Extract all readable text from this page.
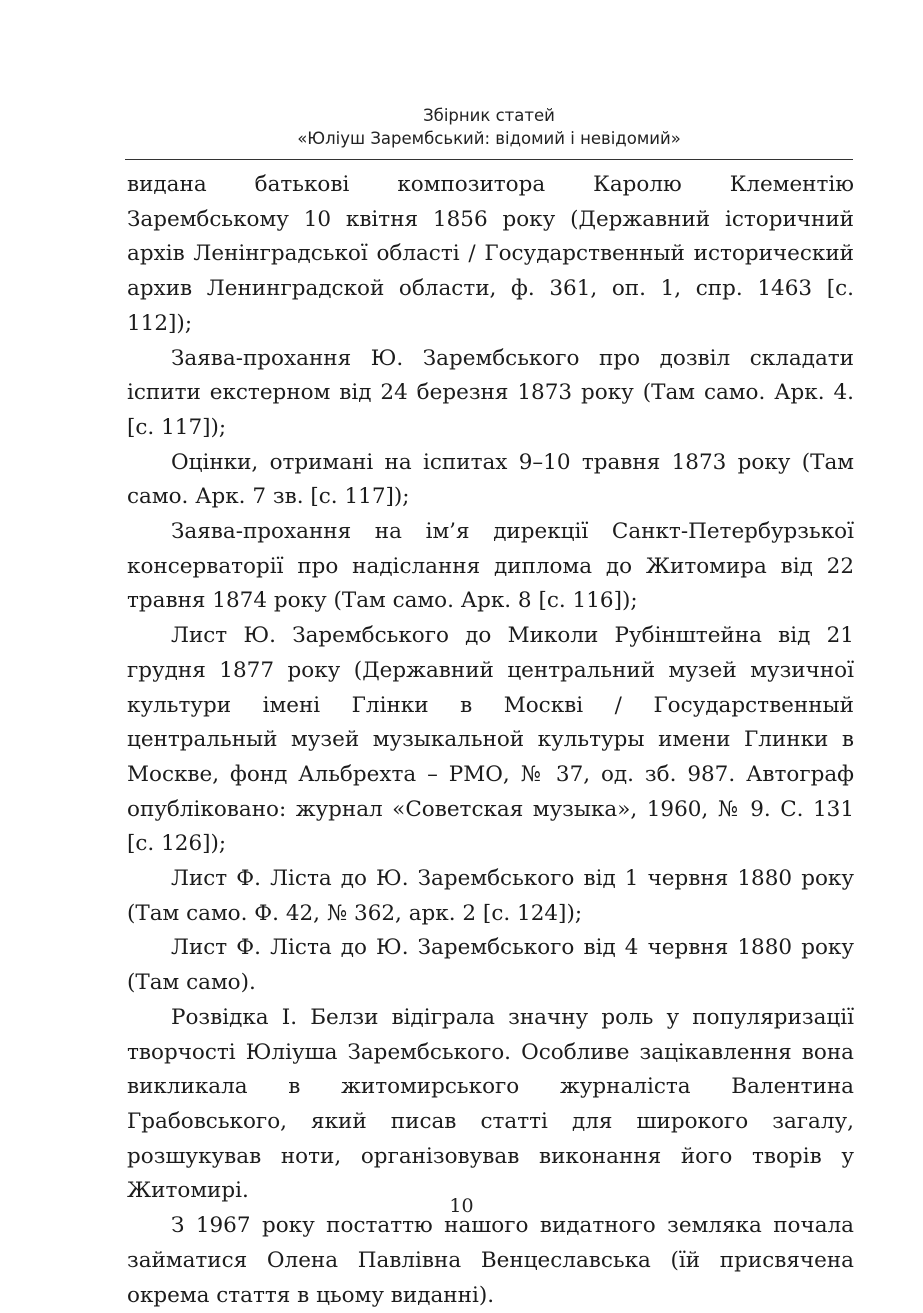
Збірник статей
«Юліуш Зарембський: відомий і невідомий»

видана батькові композитора Каролю Клементію Зарембському 10 квітня 1856 року (Державний історичний архів Ленінградської області / Государственный исторический архив Ленинградской области, ф. 361, оп. 1, спр. 1463 [с. 112]);

Заява-прохання Ю. Зарембського про дозвіл складати іспити екстерном від 24 березня 1873 року (Там само. Арк. 4. [с. 117]);

Оцінки, отримані на іспитах 9–10 травня 1873 року (Там само. Арк. 7 зв. [с. 117]);

Заява-прохання на ім’я дирекції Санкт-Петербурзької консерваторії про надіслання диплома до Житомира від 22 травня 1874 року (Там само. Арк. 8 [с. 116]);

Лист Ю. Зарембського до Миколи Рубінштейна від 21 грудня 1877 року (Державний центральний музей музичної культури імені Глінки в Москві / Государственный центральный музей музыкальной культуры имени Глинки в Москве, фонд Альбрехта – РМО, № 37, од. зб. 987. Автограф опубліковано: журнал «Советская музыка», 1960, № 9. С. 131 [с. 126]);

Лист Ф. Ліста до Ю. Зарембського від 1 червня 1880 року (Там само. Ф. 42, № 362, арк. 2 [с. 124]);

Лист Ф. Ліста до Ю. Зарембського від 4 червня 1880 року (Там само).

Розвідка І. Белзи відіграла значну роль у популяризації творчості Юліуша Зарембського. Особливе зацікавлення вона викликала в житомирського журналіста Валентина Грабовського, який писав статті для широкого загалу, розшукував ноти, організовував виконання його творів у Житомирі.

З 1967 року постаттю нашого видатного земляка почала займатися Олена Павлівна Венцеславська (їй присвячена окрема стаття в цьому виданні).

10
